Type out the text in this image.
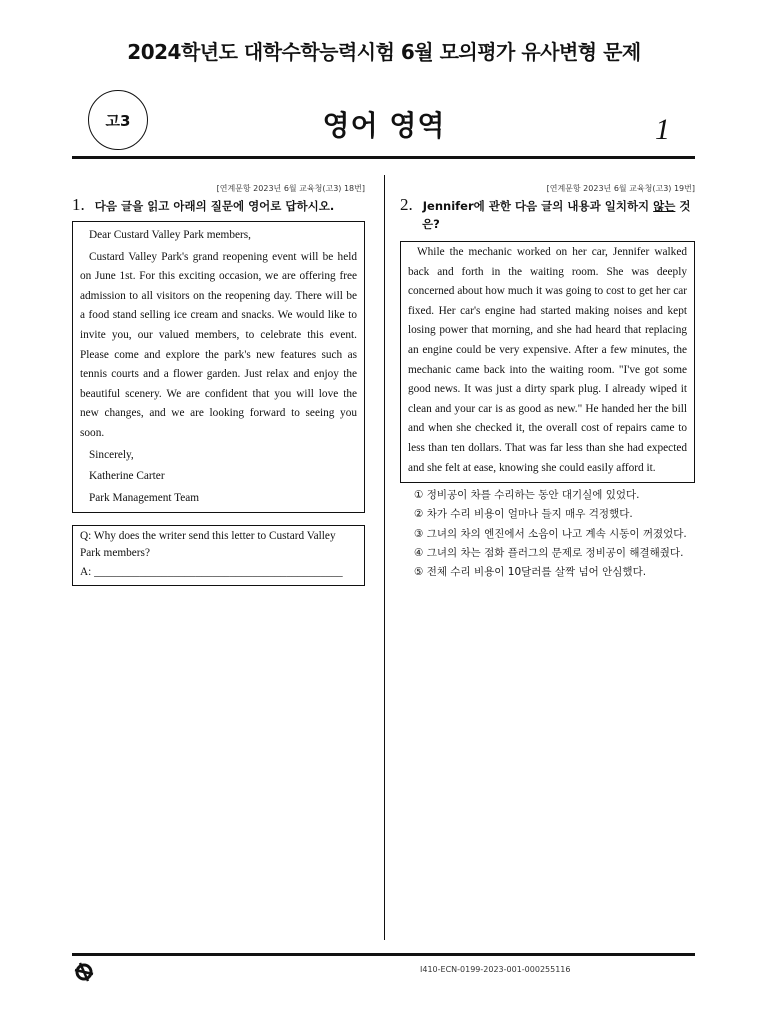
2024학년도 대학수학능력시험 6월 모의평가 유사변형 문제
고3	영어 영역	1
[연계문항 2023년 6월 교육청(고3) 18번]
1. 다음 글을 읽고 아래의 질문에 영어로 답하시오.

Dear Custard Valley Park members,

Custard Valley Park's grand reopening event will be held on June 1st. For this exciting occasion, we are offering free admission to all visitors on the reopening day. There will be a food stand selling ice cream and snacks. We would like to invite you, our valued members, to celebrate this event. Please come and explore the park's new features such as tennis courts and a flower garden. Just relax and enjoy the beautiful scenery. We are confident that you will love the new changes, and we are looking forward to seeing you soon.

Sincerely,

Katherine Carter

Park Management Team

Q: Why does the writer send this letter to Custard Valley Park members?
A: ____________________________________________
[연계문항 2023년 6월 교육청(고3) 19번]
2. Jennifer에 관한 다음 글의 내용과 일치하지 않는 것은?

While the mechanic worked on her car, Jennifer walked back and forth in the waiting room. She was deeply concerned about how much it was going to cost to get her car fixed. Her car's engine had started making noises and kept losing power that morning, and she had heard that replacing an engine could be very expensive. After a few minutes, the mechanic came back into the waiting room. "I've got some good news. It was just a dirty spark plug. I already wiped it clean and your car is as good as new." He handed her the bill and when she checked it, the overall cost of repairs came to less than ten dollars. That was far less than she had expected and she felt at ease, knowing she could easily afford it.

① 정비공이 차를 수리하는 동안 대기실에 있었다.
② 차가 수리 비용이 얼마나 들지 매우 걱정했다.
③ 그녀의 차의 엔진에서 소음이 나고 계속 시동이 꺼졌었다.
④ 그녀의 차는 점화 플러그의 문제로 정비공이 해결해줬다.
⑤ 전체 수리 비용이 10달러를 살짝 넘어 안심했다.
I410-ECN-0199-2023-001-000255116
